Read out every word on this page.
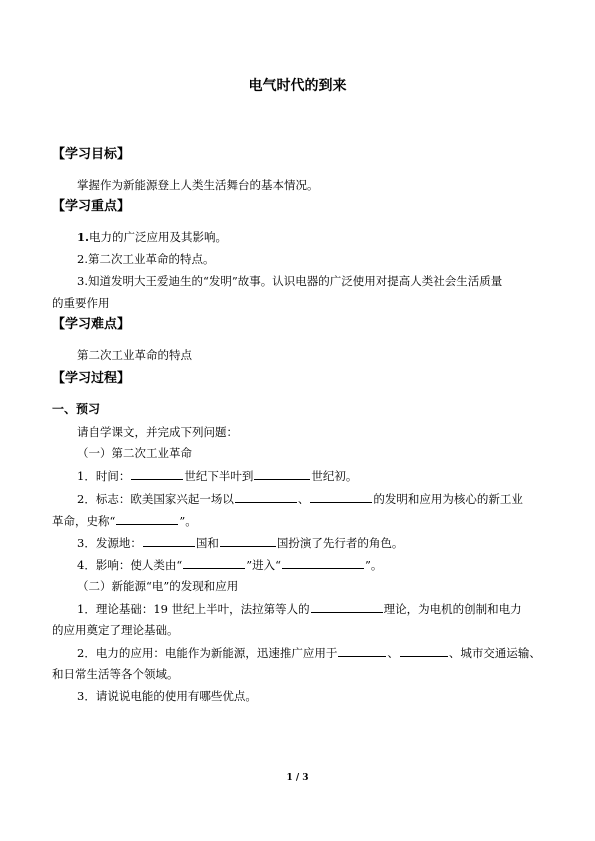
电气时代的到来
【学习目标】
掌握作为新能源登上人类生活舞台的基本情况。
【学习重点】
1.电力的广泛应用及其影响。
2.第二次工业革命的特点。
3.知道发明大王爱迪生的“发明”故事。认识电器的广泛使用对提高人类社会生活质量
的重要作用
【学习难点】
第二次工业革命的特点
【学习过程】
一、预习
请自学课文，并完成下列问题：
（一）第二次工业革命
1．时间：	世纪下半叶到	世纪初。
2．标志：欧美国家兴起一场以	、	的发明和应用为核心的新工业
革命，史称“	”。
3．发源地：	国和	国扮演了先行者的角色。
4．影响：使人类由“	”进入“	”。
（二）新能源“电”的发现和应用
1．理论基础：19 世纪上半叶，法拉第等人的	理论，为电机的创制和电力
的应用奠定了理论基础。
2．电力的应用：电能作为新能源，迅速推广应用于	、	、城市交通运输、
和日常生活等各个领域。
3．请说说电能的使用有哪些优点。
1 / 3
